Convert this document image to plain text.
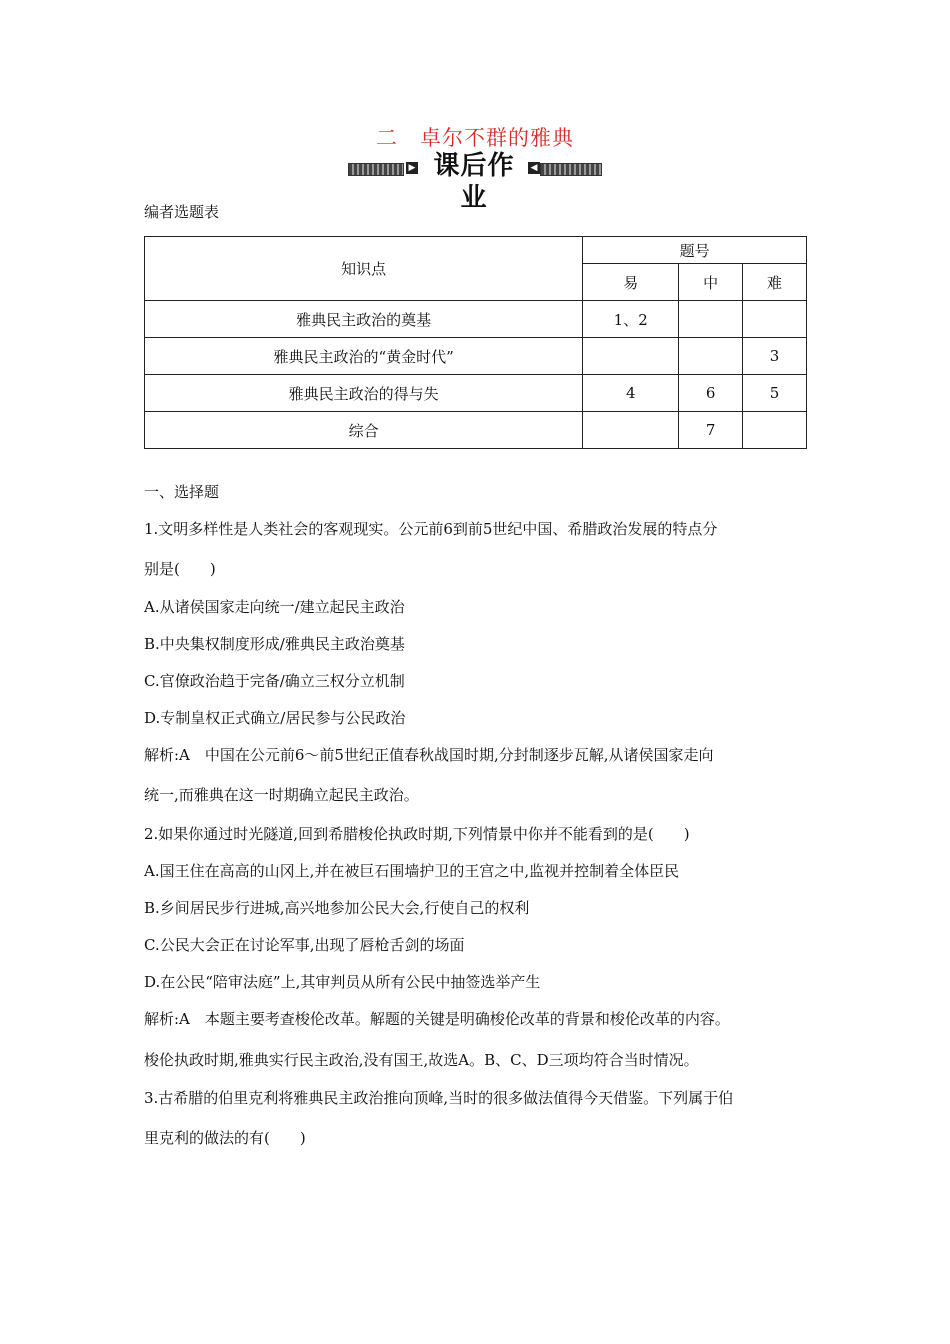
二　卓尔不群的雅典
▶ 课后作业
◀
编者选题表
知识点	题号		
	易	中	难
雅典民主政治的奠基	1、2		
雅典民主政治的“黄金时代”			3
雅典民主政治的得与失	4	6	5
综合		7	
一、选择题
1.文明多样性是人类社会的客观现实。公元前6到前5世纪中国、希腊政治发展的特点分
别是(　　)
A.从诸侯国家走向统一/建立起民主政治
B.中央集权制度形成/雅典民主政治奠基
C.官僚政治趋于完备/确立三权分立机制
D.专制皇权正式确立/居民参与公民政治
解析:A　中国在公元前6～前5世纪正值春秋战国时期,分封制逐步瓦解,从诸侯国家走向
统一,而雅典在这一时期确立起民主政治。
2.如果你通过时光隧道,回到希腊梭伦执政时期,下列情景中你并不能看到的是(　　)
A.国王住在高高的山冈上,并在被巨石围墙护卫的王宫之中,监视并控制着全体臣民
B.乡间居民步行进城,高兴地参加公民大会,行使自己的权利
C.公民大会正在讨论军事,出现了唇枪舌剑的场面
D.在公民“陪审法庭”上,其审判员从所有公民中抽签选举产生
解析:A　本题主要考查梭伦改革。解题的关键是明确梭伦改革的背景和梭伦改革的内容。
梭伦执政时期,雅典实行民主政治,没有国王,故选A。B、C、D三项均符合当时情况。
3.古希腊的伯里克利将雅典民主政治推向顶峰,当时的很多做法值得今天借鉴。下列属于伯
里克利的做法的有(　　)
